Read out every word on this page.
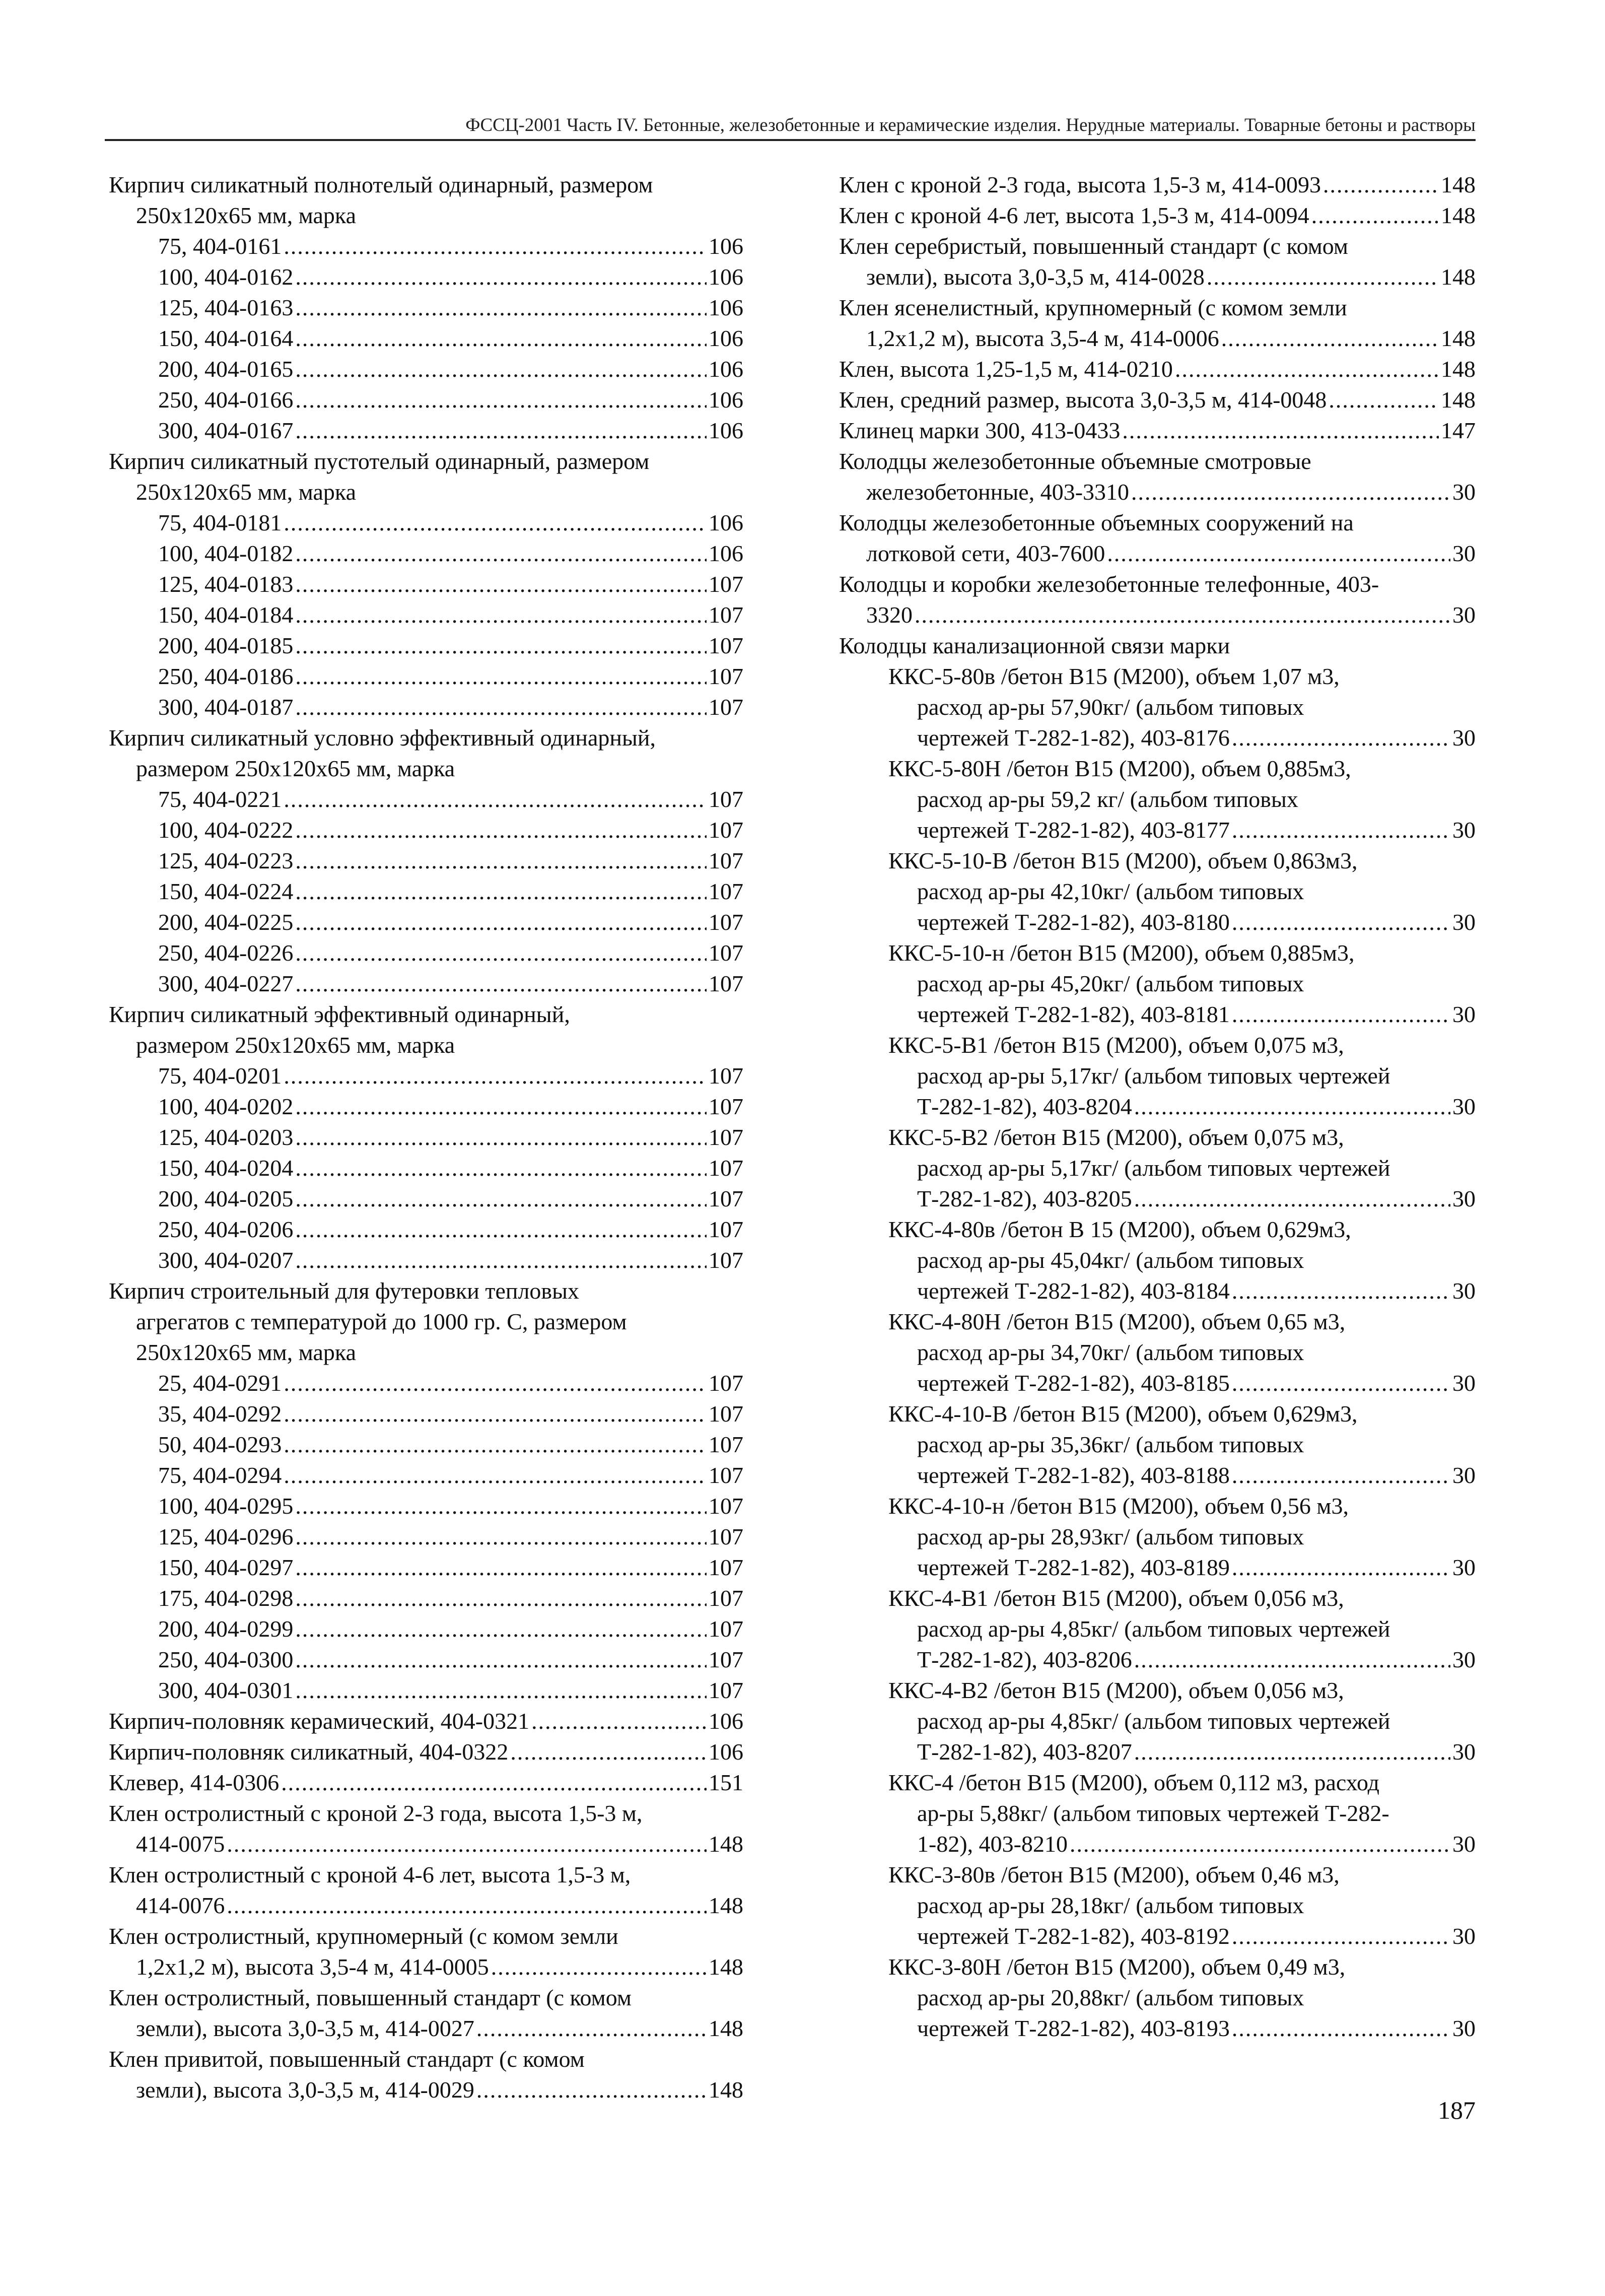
ФССЦ-2001 Часть IV. Бетонные, железобетонные и керамические изделия. Нерудные материалы. Товарные бетоны и растворы
Кирпич силикатный полнотелый одинарный, размером
250х120х65 мм, марка
75, 404-0161 .....	106
100, 404-0162 .....	106
125, 404-0163 .....	106
150, 404-0164 .....	106
200, 404-0165 .....	106
250, 404-0166 .....	106
300, 404-0167 .....	106
Кирпич силикатный пустотелый одинарный, размером
250х120х65 мм, марка
75, 404-0181 .....	106
100, 404-0182 .....	106
125, 404-0183 .....	107
150, 404-0184 .....	107
200, 404-0185 .....	107
250, 404-0186 .....	107
300, 404-0187 .....	107
Кирпич силикатный условно эффективный одинарный,
размером 250х120х65 мм, марка
75, 404-0221 .....	107
100, 404-0222 .....	107
125, 404-0223 .....	107
150, 404-0224 .....	107
200, 404-0225 .....	107
250, 404-0226 .....	107
300, 404-0227 .....	107
Кирпич силикатный эффективный одинарный,
размером 250х120х65 мм, марка
75, 404-0201 .....	107
100, 404-0202 .....	107
125, 404-0203 .....	107
150, 404-0204 .....	107
200, 404-0205 .....	107
250, 404-0206 .....	107
300, 404-0207 .....	107
Кирпич строительный для футеровки тепловых
агрегатов с температурой до 1000 гр. С, размером
250х120х65 мм, марка
25, 404-0291 .....	107
35, 404-0292 .....	107
50, 404-0293 .....	107
75, 404-0294 .....	107
100, 404-0295 .....	107
125, 404-0296 .....	107
150, 404-0297 .....	107
175, 404-0298 .....	107
200, 404-0299 .....	107
250, 404-0300 .....	107
300, 404-0301 .....	107
Кирпич-половняк керамический, 404-0321 .....	106
Кирпич-половняк силикатный, 404-0322 .....	106
Клевер, 414-0306 .....	151
Клен остролистный с кроной 2-3 года, высота 1,5-3 м,
414-0075 .....	148
Клен остролистный с кроной 4-6 лет, высота 1,5-3 м,
414-0076 .....	148
Клен остролистный, крупномерный (с комом земли
1,2х1,2 м), высота 3,5-4 м, 414-0005 .....	148
Клен остролистный, повышенный стандарт (с комом
земли), высота 3,0-3,5 м, 414-0027 .....	148
Клен привитой, повышенный стандарт (с комом
земли), высота 3,0-3,5 м, 414-0029 .....	148
Клен с кроной 2-3 года, высота 1,5-3 м, 414-0093 .....	148
Клен с кроной 4-6 лет, высота 1,5-3 м, 414-0094 .....	148
Клен серебристый, повышенный стандарт (с комом
земли), высота 3,0-3,5 м, 414-0028 .....	148
Клен ясенелистный, крупномерный (с комом земли
1,2х1,2 м), высота 3,5-4 м, 414-0006 .....	148
Клен, высота 1,25-1,5 м, 414-0210 .....	148
Клен, средний размер, высота 3,0-3,5 м, 414-0048 .....	148
Клинец марки 300, 413-0433 .....	147
Колодцы железобетонные объемные смотровые
железобетонные, 403-3310 .....	30
Колодцы железобетонные объемных сооружений на
лотковой сети, 403-7600 .....	30
Колодцы и коробки железобетонные телефонные, 403-
3320 .....	30
Колодцы канализационной связи марки
ККС-5-80в /бетон В15 (М200), объем 1,07 м3,
расход ар-ры 57,90кг/ (альбом типовых
чертежей Т-282-1-82), 403-8176 .....	30
ККС-5-80Н /бетон В15 (М200), объем 0,885м3,
расход ар-ры 59,2 кг/ (альбом типовых
чертежей Т-282-1-82), 403-8177 .....	30
ККС-5-10-В /бетон В15 (М200), объем 0,863м3,
расход ар-ры 42,10кг/ (альбом типовых
чертежей Т-282-1-82), 403-8180 .....	30
ККС-5-10-н /бетон В15 (М200), объем 0,885м3,
расход ар-ры 45,20кг/ (альбом типовых
чертежей Т-282-1-82), 403-8181 .....	30
ККС-5-В1 /бетон В15 (М200), объем 0,075 м3,
расход ар-ры 5,17кг/ (альбом типовых чертежей
Т-282-1-82), 403-8204 .....	30
ККС-5-В2 /бетон В15 (М200), объем 0,075 м3,
расход ар-ры 5,17кг/ (альбом типовых чертежей
Т-282-1-82), 403-8205 .....	30
ККС-4-80в /бетон В 15 (М200), объем 0,629м3,
расход ар-ры 45,04кг/ (альбом типовых
чертежей Т-282-1-82), 403-8184 .....	30
ККС-4-80Н /бетон В15 (М200), объем 0,65 м3,
расход ар-ры 34,70кг/ (альбом типовых
чертежей Т-282-1-82), 403-8185 .....	30
ККС-4-10-В /бетон В15 (М200), объем 0,629м3,
расход ар-ры 35,36кг/ (альбом типовых
чертежей Т-282-1-82), 403-8188 .....	30
ККС-4-10-н /бетон В15 (М200), объем 0,56 м3,
расход ар-ры 28,93кг/ (альбом типовых
чертежей Т-282-1-82), 403-8189 .....	30
ККС-4-В1 /бетон В15 (М200), объем 0,056 м3,
расход ар-ры 4,85кг/ (альбом типовых чертежей
Т-282-1-82), 403-8206 .....	30
ККС-4-В2 /бетон В15 (М200), объем 0,056 м3,
расход ар-ры 4,85кг/ (альбом типовых чертежей
Т-282-1-82), 403-8207 .....	30
ККС-4 /бетон В15 (М200), объем 0,112 м3, расход
ар-ры 5,88кг/ (альбом типовых чертежей Т-282-
1-82), 403-8210 .....	30
ККС-3-80в /бетон В15 (М200), объем 0,46 м3,
расход ар-ры 28,18кг/ (альбом типовых
чертежей Т-282-1-82), 403-8192 .....	30
ККС-3-80Н /бетон В15 (М200), объем 0,49 м3,
расход ар-ры 20,88кг/ (альбом типовых
чертежей Т-282-1-82), 403-8193 .....	30
187
